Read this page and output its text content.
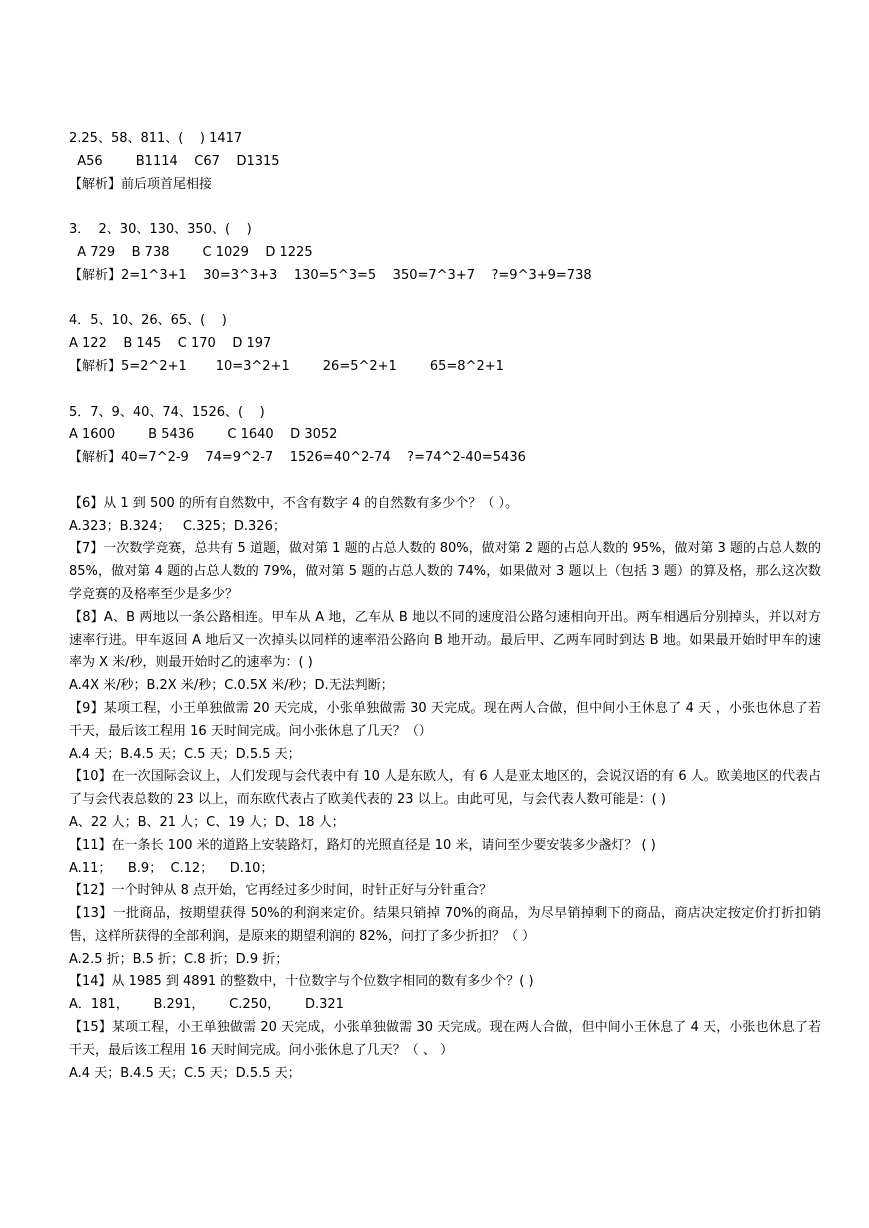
2.25、58、811、(    ) 1417
A56        B1114    C67    D1315
【解析】前后项首尾相接
3．  2、30、130、350、(    )
A 729    B 738        C 1029    D 1225
【解析】2=1^3+1    30=3^3+3    130=5^3=5    350=7^3+7    ?=9^3+9=738
4．5、10、26、65、(    )
A 122    B 145    C 170    D 197
【解析】5=2^2+1       10=3^2+1        26=5^2+1        65=8^2+1
5．7、9、40、74、1526、(    )
A 1600        B 5436        C 1640    D 3052
【解析】40=7^2-9    74=9^2-7    1526=40^2-74    ?=74^2-40=5436
【6】从 1 到 500 的所有自然数中，不含有数字 4 的自然数有多少个？（ ）。
A.323；B.324；   C.325；D.326；
【7】一次数学竞赛，总共有 5 道题，做对第 1 题的占总人数的 80%，做对第 2 题的占总人数的 95%，做对第 3 题的占总人数的 85%，做对第 4 题的占总人数的 79%，做对第 5 题的占总人数的 74%，如果做对 3 题以上（包括 3 题）的算及格，那么这次数学竞赛的及格率至少是多少？
【8】A、B 两地以一条公路相连。甲车从 A 地，乙车从 B 地以不同的速度沿公路匀速相向开出。两车相遇后分别掉头，并以对方速率行进。甲车返回 A 地后又一次掉头以同样的速率沿公路向 B 地开动。最后甲、乙两车同时到达 B 地。如果最开始时甲车的速率为 X 米/秒，则最开始时乙的速率为：( )
A.4X 米/秒；B.2X 米/秒；C.0.5X 米/秒；D.无法判断；
【9】某项工程，小王单独做需 20 天完成，小张单独做需 30 天完成。现在两人合做，但中间小王休息了 4 天 ，小张也休息了若干天，最后该工程用 16 天时间完成。问小张休息了几天？（）
A.4 天；B.4.5 天；C.5 天；D.5.5 天；
【10】在一次国际会议上，人们发现与会代表中有 10 人是东欧人，有 6 人是亚太地区的，会说汉语的有 6 人。欧美地区的代表占了与会代表总数的 23 以上，而东欧代表占了欧美代表的 23 以上。由此可见，与会代表人数可能是：( )
A、22 人；B、21 人；C、19 人；D、18 人；
【11】在一条长 100 米的道路上安装路灯，路灯的光照直径是 10 米，请问至少要安装多少盏灯？ ( )
A.11；    B.9；  C.12；    D.10；
【12】一个时钟从 8 点开始，它再经过多少时间，时针正好与分针重合？
【13】一批商品，按期望获得 50%的利润来定价。结果只销掉 70%的商品，为尽早销掉剩下的商品，商店决定按定价打折扣销售，这样所获得的全部利润，是原来的期望利润的 82%，问打了多少折扣？（ ）
A.2.5 折；B.5 折；C.8 折；D.9 折；
【14】从 1985 到 4891 的整数中，十位数字与个位数字相同的数有多少个？( )
A．181，      B.291，      C.250，      D.321
【15】某项工程，小王单独做需 20 天完成，小张单独做需 30 天完成。现在两人合做，但中间小王休息了 4 天，小张也休息了若干天，最后该工程用 16 天时间完成。问小张休息了几天？（ 、 ）
A.4 天；B.4.5 天；C.5 天；D.5.5 天；
